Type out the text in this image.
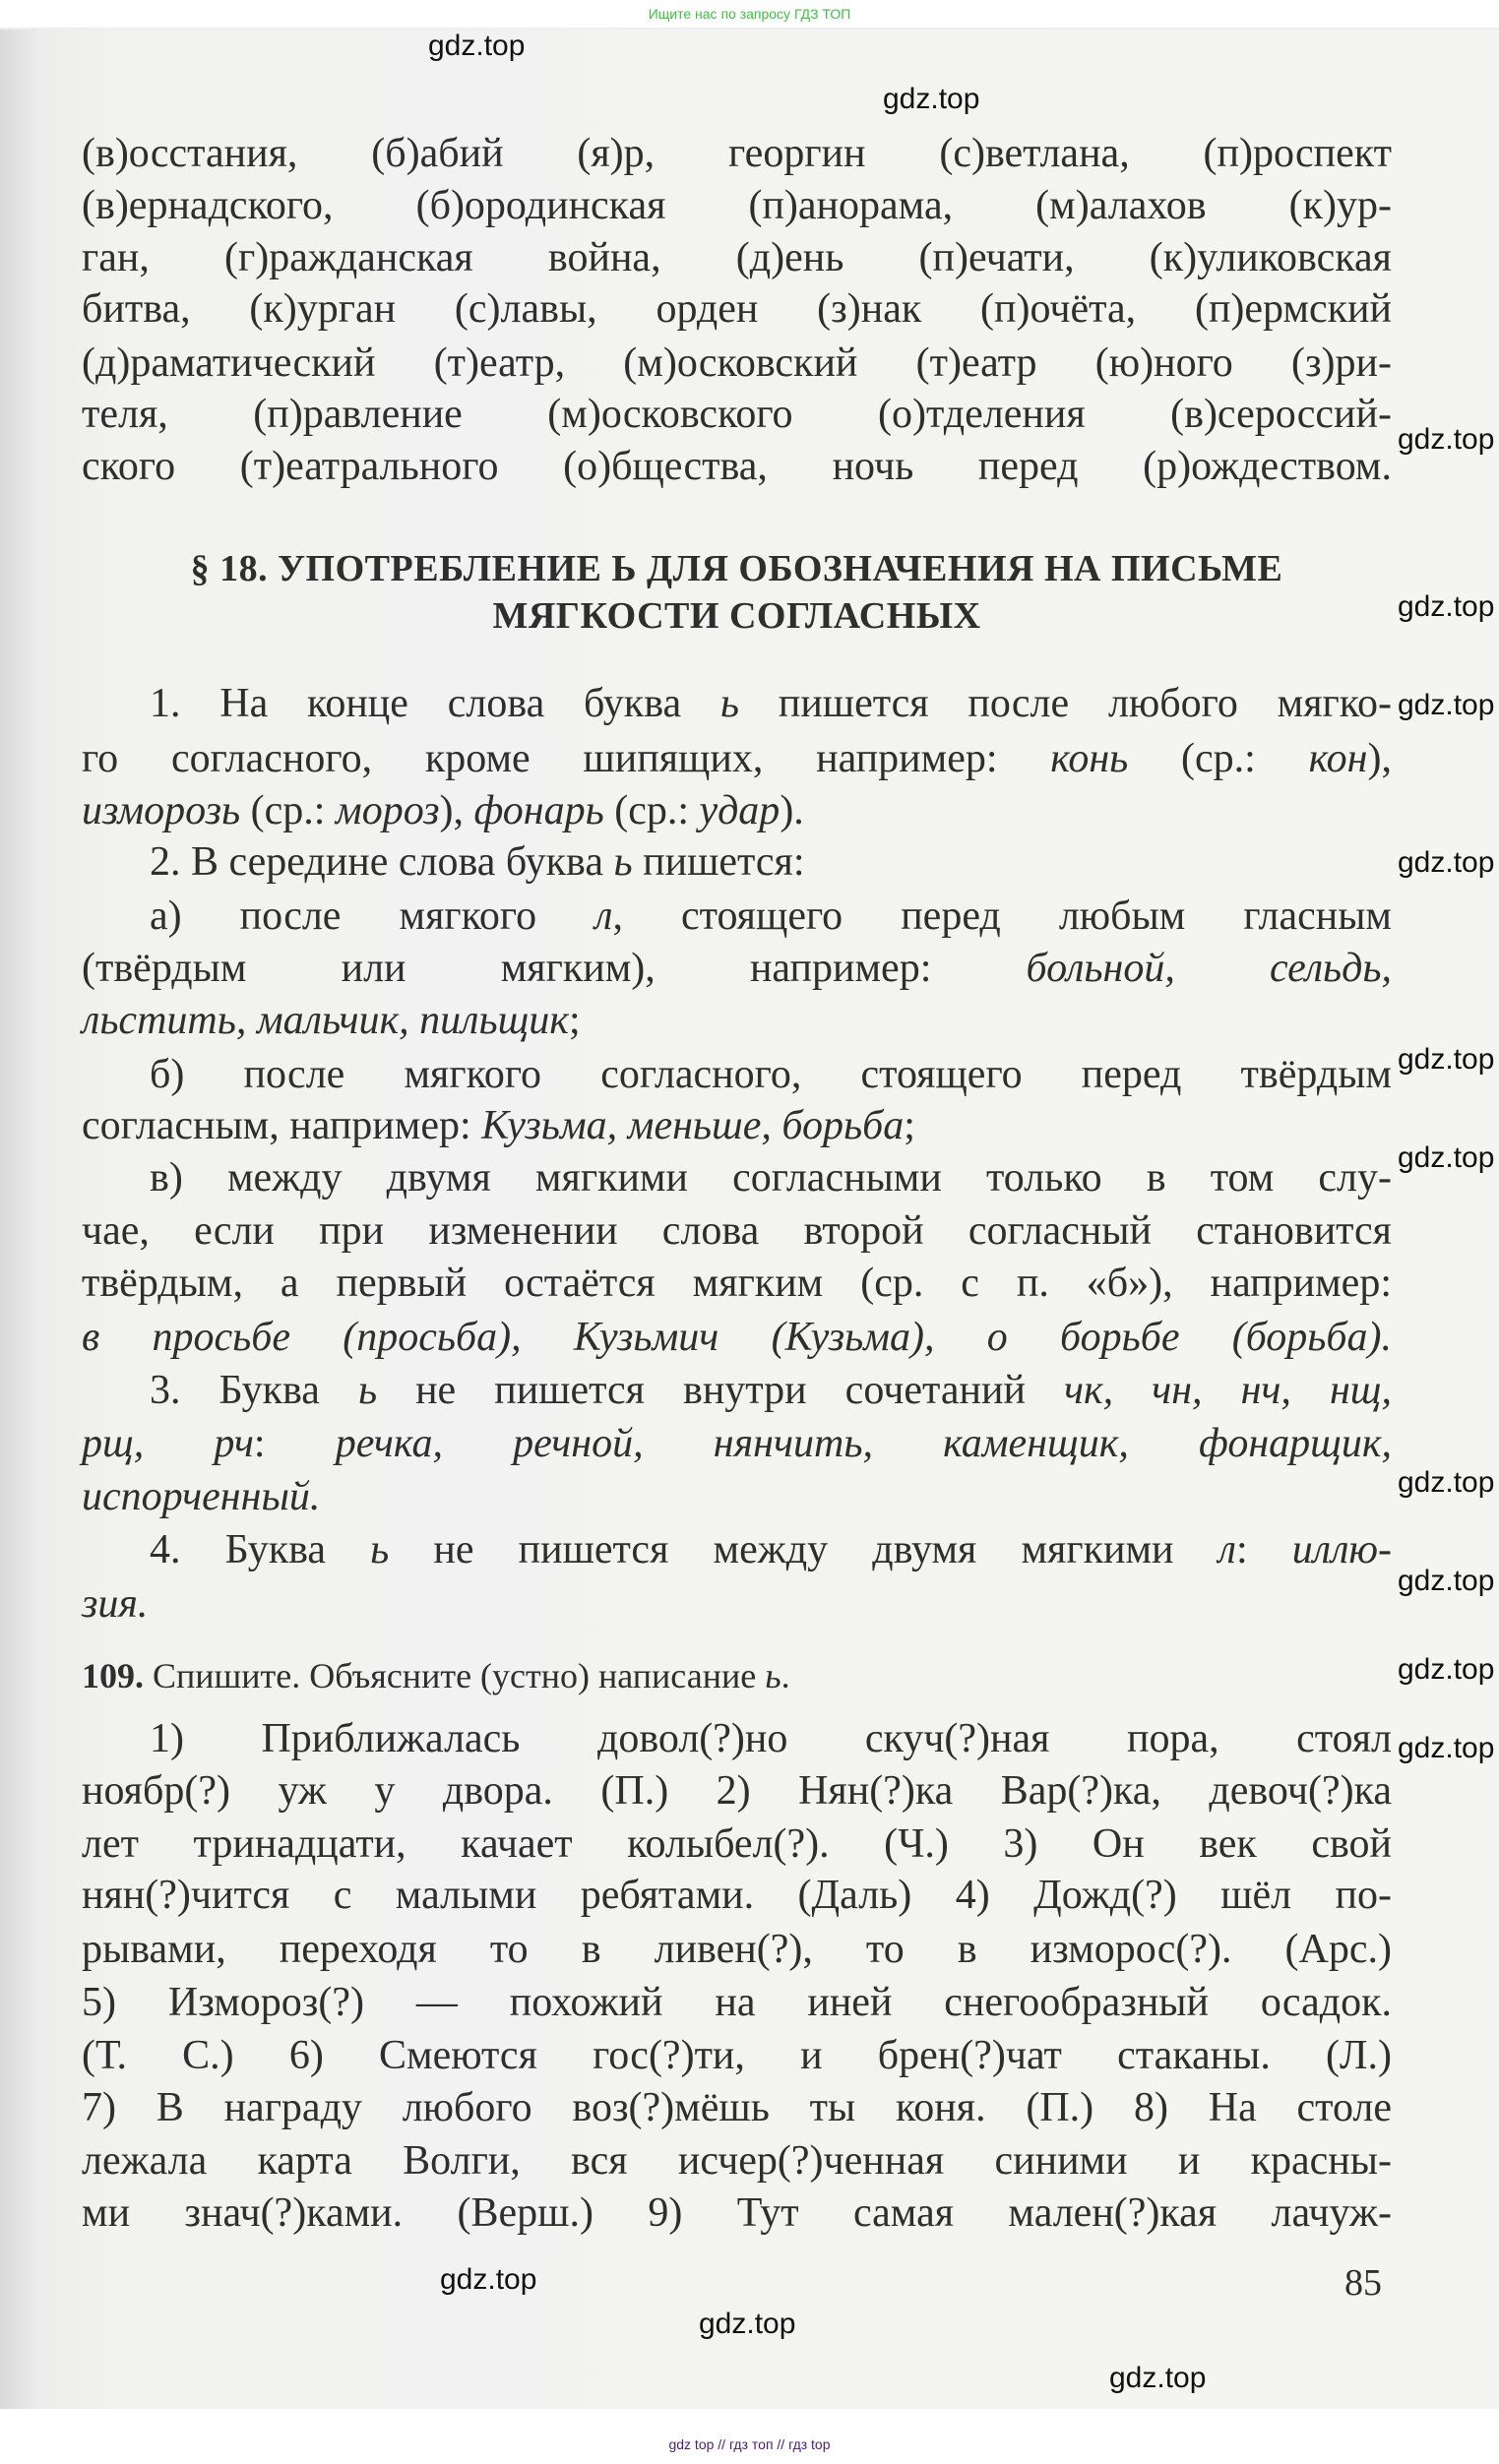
Ищите нас по запросу ГДЗ ТОП
(в)осстания, (б)абий (я)р, георгин (с)ветлана, (п)роспект
(в)ернадского, (б)ородинская (п)анорама, (м)алахов (к)ур-
ган, (г)ражданская война, (д)ень (п)ечати, (к)уликовская
битва, (к)урган (с)лавы, орден (з)нак (п)очёта, (п)ермский
(д)раматический (т)еатр, (м)осковский (т)еатр (ю)ного (з)ри-
теля, (п)равление (м)осковского (о)тделения (в)сероссий-
ского (т)еатрального (о)бщества, ночь перед (р)ождеством.
§ 18. УПОТРЕБЛЕНИЕ Ь ДЛЯ ОБОЗНАЧЕНИЯ НА ПИСЬМЕ
МЯГКОСТИ СОГЛАСНЫХ
1. На конце слова буква ь пишется после любого мягко-
го согласного, кроме шипящих, например: конь (ср.: кон),
изморозь (ср.: мороз), фонарь (ср.: удар).
2. В середине слова буква ь пишется:
а) после мягкого л, стоящего перед любым гласным
(твёрдым или мягким), например: больной, сельдь,
льстить, мальчик, пильщик;
б) после мягкого согласного, стоящего перед твёрдым
согласным, например: Кузьма, меньше, борьба;
в) между двумя мягкими согласными только в том слу-
чае, если при изменении слова второй согласный становится
твёрдым, а первый остаётся мягким (ср. с п. «б»), например:
в просьбе (просьба), Кузьмич (Кузьма), о борьбе (борьба).
3. Буква ь не пишется внутри сочетаний чк, чн, нч, нщ,
рщ, рч: речка, речной, нянчить, каменщик, фонарщик,
испорченный.
4. Буква ь не пишется между двумя мягкими л: иллю-
зия.
109. Спишите. Объясните (устно) написание ь.
1) Приближалась довол(?)но скуч(?)ная пора, стоял
ноябр(?) уж у двора. (П.) 2) Нян(?)ка Вар(?)ка, девоч(?)ка
лет тринадцати, качает колыбел(?). (Ч.) 3) Он век свой
нян(?)чится с малыми ребятами. (Даль) 4) Дожд(?) шёл по-
рывами, переходя то в ливен(?), то в изморос(?). (Арс.)
5) Измороз(?) — похожий на иней снегообразный осадок.
(Т. С.) 6) Смеются гос(?)ти, и брен(?)чат стаканы. (Л.)
7) В награду любого воз(?)мёшь ты коня. (П.) 8) На столе
лежала карта Волги, вся исчер(?)ченная синими и красны-
ми знач(?)ками. (Верш.) 9) Тут самая мален(?)кая лачуж-
85
gdz top // гдз топ // гдз top
gdz.top
gdz.top
gdz.top
gdz.top
gdz.top
gdz.top
gdz.top
gdz.top
gdz.top
gdz.top
gdz.top
gdz.top
gdz.top
gdz.top
gdz.top
